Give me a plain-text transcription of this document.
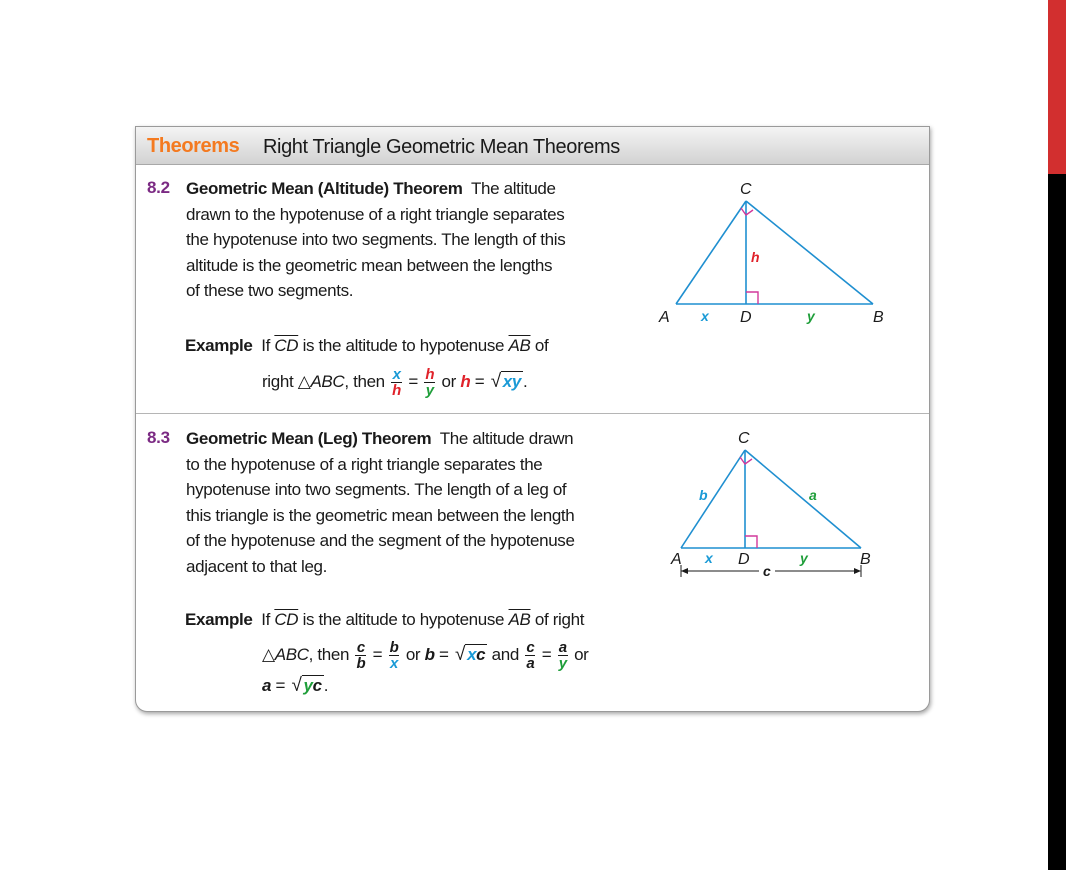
Theorems Right Triangle Geometric Mean Theorems
8.2 Geometric Mean (Altitude) Theorem The altitude
drawn to the hypotenuse of a right triangle separates
the hypotenuse into two segments. The length of this
altitude is the geometric mean between the lengths
of these two segments.
Example If $\overline{CD}$ is the altitude to hypotenuse $\overline{AB}$ of
right △ABC, then $\frac{x}{h} = \frac{h}{y}$ or h = √ xy .
C
A	D	B
h
x	y
8.3 Geometric Mean (Leg) Theorem The altitude drawn
to the hypotenuse of a right triangle separates the
hypotenuse into two segments. The length of a leg of
this triangle is the geometric mean between the length
of the hypotenuse and the segment of the hypotenuse
adjacent to that leg.
Example If $\overline{CD}$ is the altitude to hypotenuse $\overline{AB}$ of right
△ABC, then $\frac{c}{b} = \frac{b}{x}$ or b = √ xc and $\frac{c}{a} = \frac{a}{y}$ or
a = √ yc .
C
A	D	B
b	a
x	y
c
